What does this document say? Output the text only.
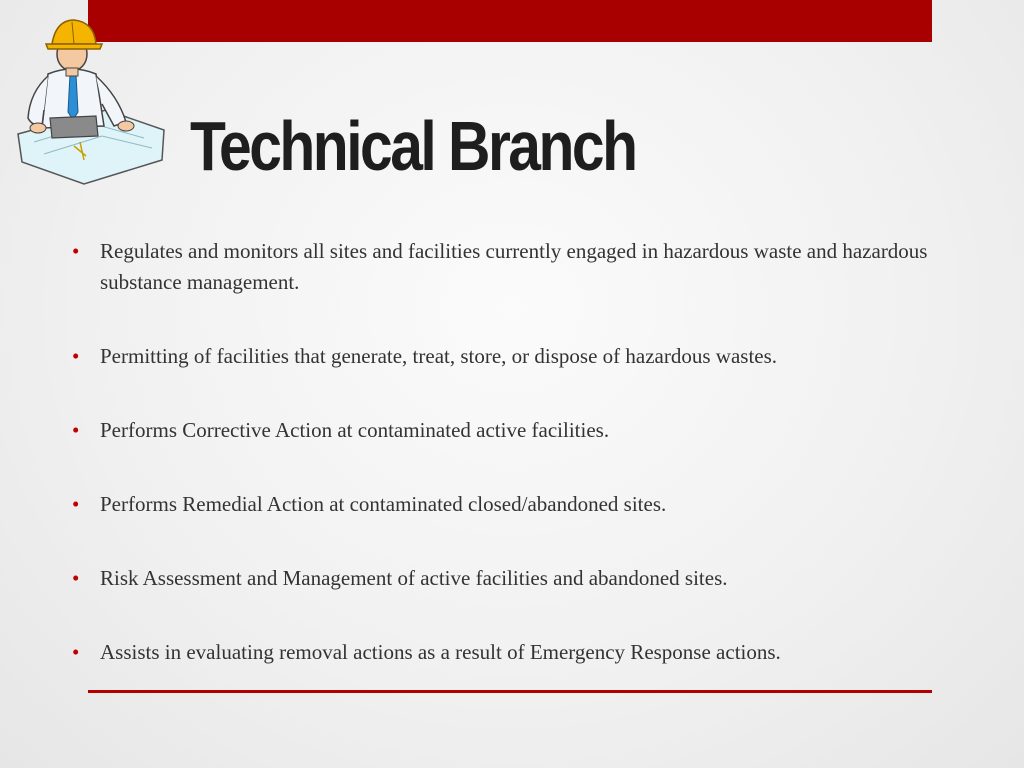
Technical Branch
• Regulates and monitors all sites and facilities currently engaged in hazardous waste and hazardous substance management.
• Permitting of facilities that generate, treat, store, or dispose of hazardous wastes.
• Performs Corrective Action at contaminated active facilities.
• Performs Remedial Action at contaminated closed/abandoned sites.
• Risk Assessment and Management of active facilities and abandoned sites.
• Assists in evaluating removal actions as a result of Emergency Response actions.
